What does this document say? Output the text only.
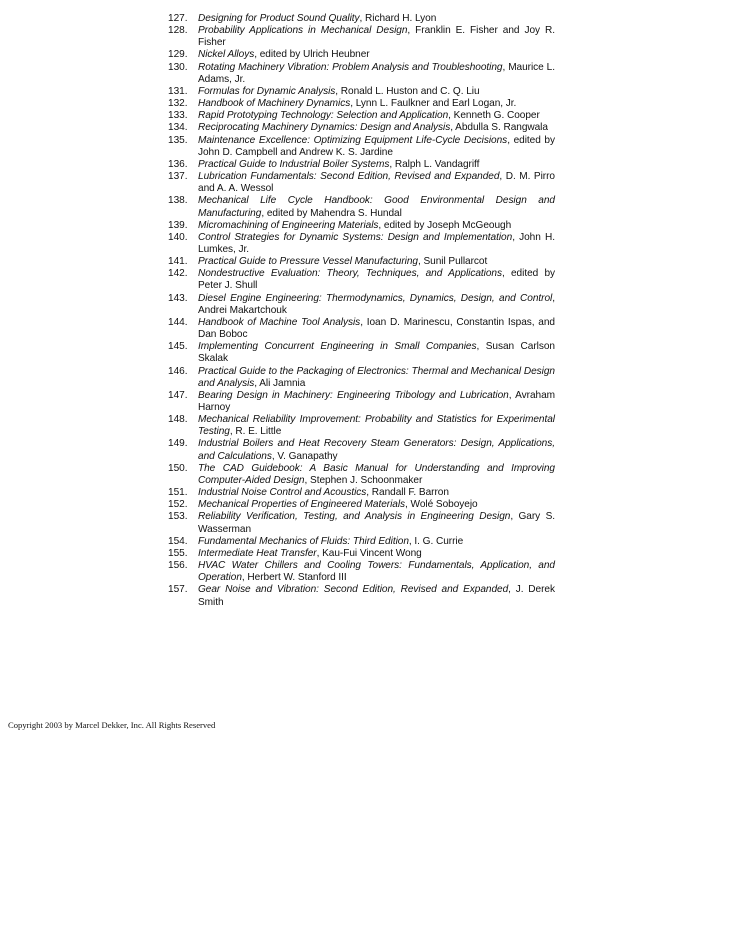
127. Designing for Product Sound Quality, Richard H. Lyon
128. Probability Applications in Mechanical Design, Franklin E. Fisher and Joy R. Fisher
129. Nickel Alloys, edited by Ulrich Heubner
130. Rotating Machinery Vibration: Problem Analysis and Troubleshooting, Maurice L. Adams, Jr.
131. Formulas for Dynamic Analysis, Ronald L. Huston and C. Q. Liu
132. Handbook of Machinery Dynamics, Lynn L. Faulkner and Earl Logan, Jr.
133. Rapid Prototyping Technology: Selection and Application, Kenneth G. Cooper
134. Reciprocating Machinery Dynamics: Design and Analysis, Abdulla S. Rangwala
135. Maintenance Excellence: Optimizing Equipment Life-Cycle Decisions, edited by John D. Campbell and Andrew K. S. Jardine
136. Practical Guide to Industrial Boiler Systems, Ralph L. Vandagriff
137. Lubrication Fundamentals: Second Edition, Revised and Expanded, D. M. Pirro and A. A. Wessol
138. Mechanical Life Cycle Handbook: Good Environmental Design and Manufacturing, edited by Mahendra S. Hundal
139. Micromachining of Engineering Materials, edited by Joseph McGeough
140. Control Strategies for Dynamic Systems: Design and Implementation, John H. Lumkes, Jr.
141. Practical Guide to Pressure Vessel Manufacturing, Sunil Pullarcot
142. Nondestructive Evaluation: Theory, Techniques, and Applications, edited by Peter J. Shull
143. Diesel Engine Engineering: Thermodynamics, Dynamics, Design, and Control, Andrei Makartchouk
144. Handbook of Machine Tool Analysis, Ioan D. Marinescu, Constantin Ispas, and Dan Boboc
145. Implementing Concurrent Engineering in Small Companies, Susan Carlson Skalak
146. Practical Guide to the Packaging of Electronics: Thermal and Mechanical Design and Analysis, Ali Jamnia
147. Bearing Design in Machinery: Engineering Tribology and Lubrication, Avraham Harnoy
148. Mechanical Reliability Improvement: Probability and Statistics for Experimental Testing, R. E. Little
149. Industrial Boilers and Heat Recovery Steam Generators: Design, Applications, and Calculations, V. Ganapathy
150. The CAD Guidebook: A Basic Manual for Understanding and Improving Computer-Aided Design, Stephen J. Schoonmaker
151. Industrial Noise Control and Acoustics, Randall F. Barron
152. Mechanical Properties of Engineered Materials, Wolé Soboyejo
153. Reliability Verification, Testing, and Analysis in Engineering Design, Gary S. Wasserman
154. Fundamental Mechanics of Fluids: Third Edition, I. G. Currie
155. Intermediate Heat Transfer, Kau-Fui Vincent Wong
156. HVAC Water Chillers and Cooling Towers: Fundamentals, Application, and Operation, Herbert W. Stanford III
157. Gear Noise and Vibration: Second Edition, Revised and Expanded, J. Derek Smith

Copyright 2003 by Marcel Dekker, Inc. All Rights Reserved
